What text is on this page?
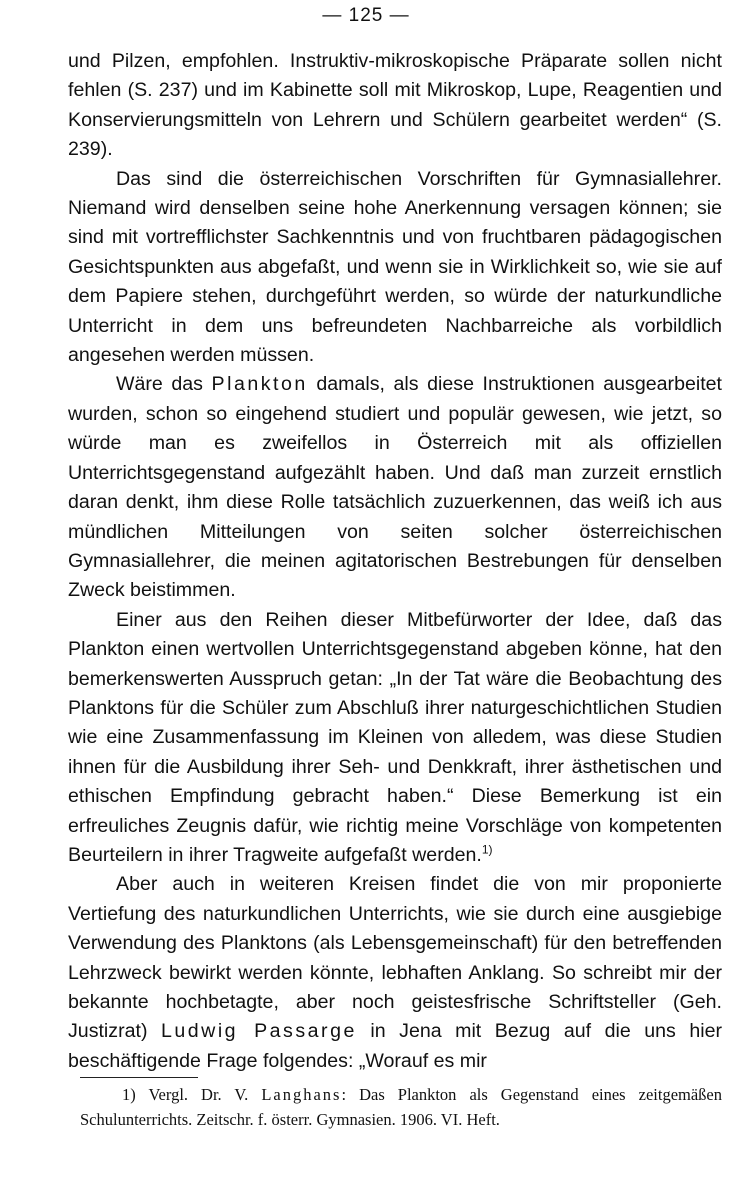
— 125 —

und Pilzen, empfohlen. Instruktiv-mikroskopische Präparate sollen nicht fehlen (S. 237) und im Kabinette soll mit Mikroskop, Lupe, Reagentien und Konservierungsmitteln von Lehrern und Schülern gearbeitet werden“ (S. 239).

Das sind die österreichischen Vorschriften für Gymnasiallehrer. Niemand wird denselben seine hohe Anerkennung versagen können; sie sind mit vortrefflichster Sachkenntnis und von fruchtbaren pädagogischen Gesichtspunkten aus abgefaßt, und wenn sie in Wirklichkeit so, wie sie auf dem Papiere stehen, durchgeführt werden, so würde der naturkundliche Unterricht in dem uns befreundeten Nachbarreiche als vorbildlich angesehen werden müssen.

Wäre das Plankton damals, als diese Instruktionen ausgearbeitet wurden, schon so eingehend studiert und populär gewesen, wie jetzt, so würde man es zweifellos in Österreich mit als offiziellen Unterrichtsgegenstand aufgezählt haben. Und daß man zurzeit ernstlich daran denkt, ihm diese Rolle tatsächlich zuzuerkennen, das weiß ich aus mündlichen Mitteilungen von seiten solcher österreichischen Gymnasiallehrer, die meinen agitatorischen Bestrebungen für denselben Zweck beistimmen.

Einer aus den Reihen dieser Mitbefürworter der Idee, daß das Plankton einen wertvollen Unterrichtsgegenstand abgeben könne, hat den bemerkenswerten Ausspruch getan: „In der Tat wäre die Beobachtung des Planktons für die Schüler zum Abschluß ihrer naturgeschichtlichen Studien wie eine Zusammenfassung im Kleinen von alledem, was diese Studien ihnen für die Ausbildung ihrer Seh- und Denkkraft, ihrer ästhetischen und ethischen Empfindung gebracht haben.“ Diese Bemerkung ist ein erfreuliches Zeugnis dafür, wie richtig meine Vorschläge von kompetenten Beurteilern in ihrer Tragweite aufgefaßt werden.$^{1)}$

Aber auch in weiteren Kreisen findet die von mir proponierte Vertiefung des naturkundlichen Unterrichts, wie sie durch eine ausgiebige Verwendung des Planktons (als Lebensgemeinschaft) für den betreffenden Lehrzweck bewirkt werden könnte, lebhaften Anklang. So schreibt mir der bekannte hochbetagte, aber noch geistesfrische Schriftsteller (Geh. Justizrat) Ludwig Passarge in Jena mit Bezug auf die uns hier beschäftigende Frage folgendes: „Worauf es mir

1) Vergl. Dr. V. Langhans: Das Plankton als Gegenstand eines zeitgemäßen Schulunterrichts. Zeitschr. f. österr. Gymnasien. 1906. VI. Heft.
